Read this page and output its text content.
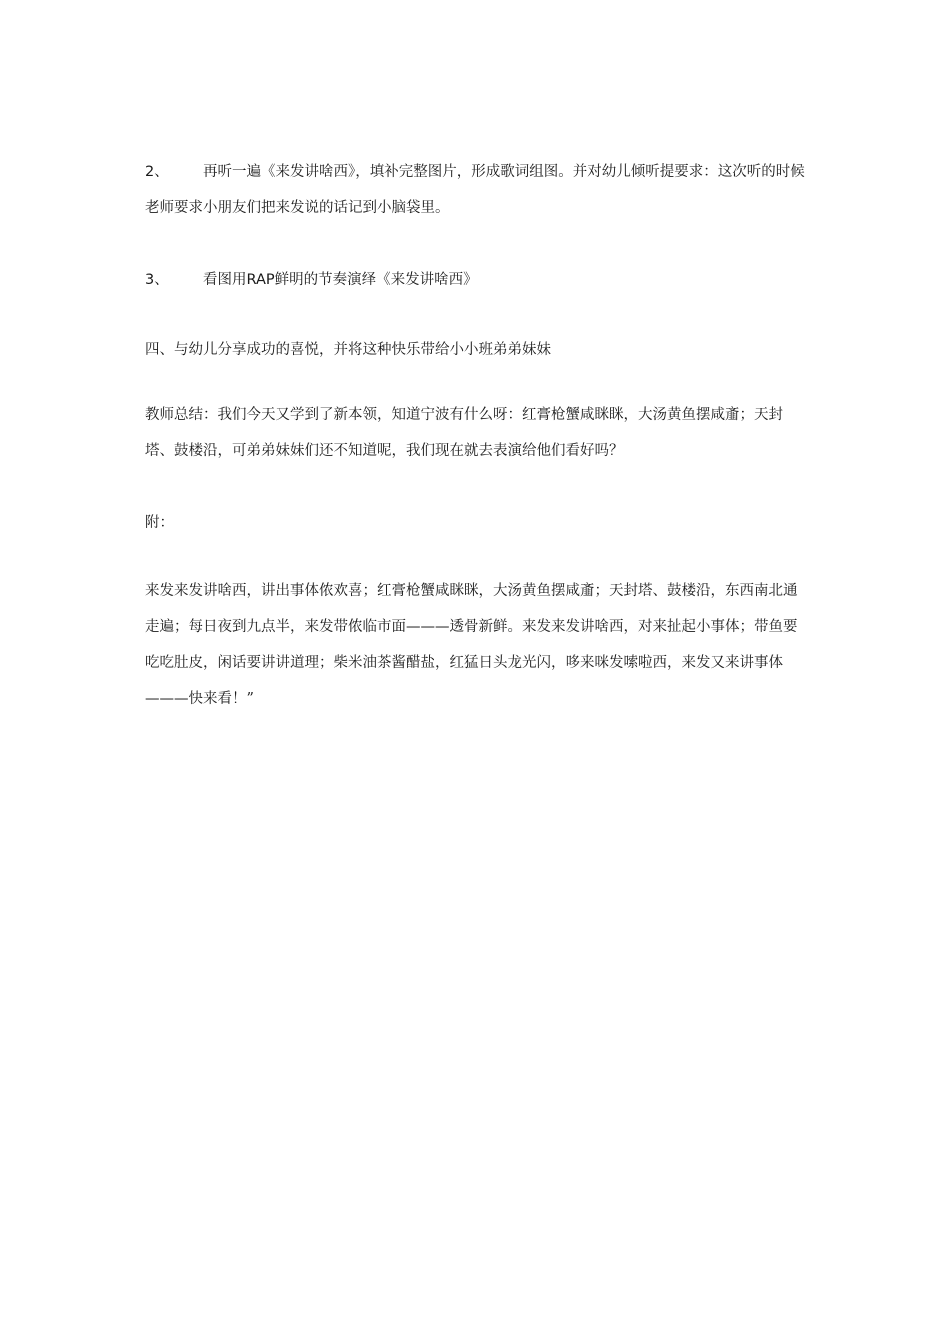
2、 再听一遍《来发讲啥西》，填补完整图片，形成歌词组图。并对幼儿倾听提要求：这次听的时候老师要求小朋友们把来发说的话记到小脑袋里。

3、 看图用RAP鲜明的节奏演绎《来发讲啥西》

四、与幼儿分享成功的喜悦，并将这种快乐带给小小班弟弟妹妹

教师总结：我们今天又学到了新本领，知道宁波有什么呀：红膏枪蟹咸眯眯，大汤黄鱼摆咸齑；天封塔、鼓楼沿，可弟弟妹妹们还不知道呢，我们现在就去表演给他们看好吗？

附：

来发来发讲啥西，讲出事体侬欢喜；红膏枪蟹咸眯眯，大汤黄鱼摆咸齑；天封塔、鼓楼沿，东西南北通走遍；每日夜到九点半，来发带侬临市面———透骨新鲜。来发来发讲啥西，对来扯起小事体；带鱼要吃吃肚皮，闲话要讲讲道理；柴米油茶酱醋盐，红猛日头龙光闪，哆来咪发嗦啦西，来发又来讲事体———快来看！”
